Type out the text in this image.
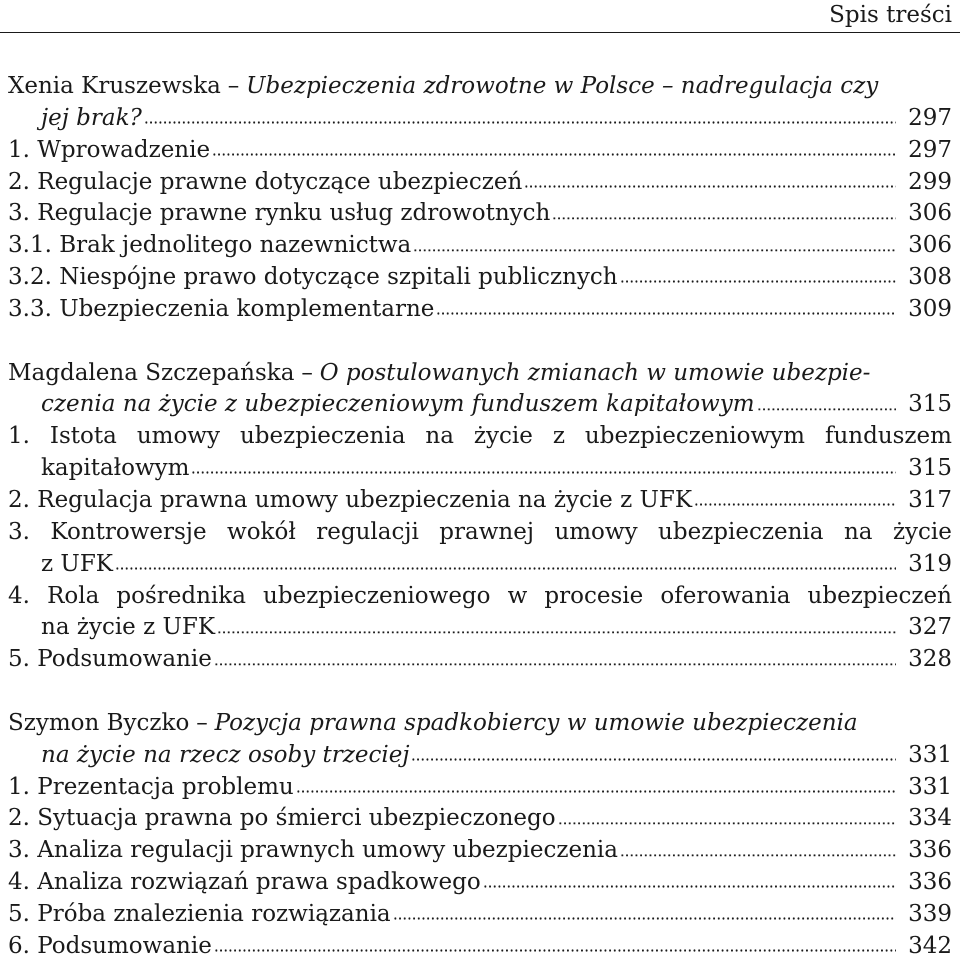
Spis treści
Xenia Kruszewska – Ubezpieczenia zdrowotne w Polsce – nadregulacja czy
jej brak?	297
1. Wprowadzenie	297
2. Regulacje prawne dotyczące ubezpieczeń	299
3. Regulacje prawne rynku usług zdrowotnych	306
3.1. Brak jednolitego nazewnictwa	306
3.2. Niespójne prawo dotyczące szpitali publicznych	308
3.3. Ubezpieczenia komplementarne	309
Magdalena Szczepańska – O postulowanych zmianach w umowie ubezpie-
czenia na życie z ubezpieczeniowym funduszem kapitałowym	315
1. Istota umowy ubezpieczenia na życie z ubezpieczeniowym funduszem
kapitałowym	315
2. Regulacja prawna umowy ubezpieczenia na życie z UFK	317
3. Kontrowersje wokół regulacji prawnej umowy ubezpieczenia na życie
z UFK	319
4. Rola pośrednika ubezpieczeniowego w procesie oferowania ubezpieczeń
na życie z UFK	327
5. Podsumowanie	328
Szymon Byczko – Pozycja prawna spadkobiercy w umowie ubezpieczenia
na życie na rzecz osoby trzeciej	331
1. Prezentacja problemu	331
2. Sytuacja prawna po śmierci ubezpieczonego	334
3. Analiza regulacji prawnych umowy ubezpieczenia	336
4. Analiza rozwiązań prawa spadkowego	336
5. Próba znalezienia rozwiązania	339
6. Podsumowanie	342
